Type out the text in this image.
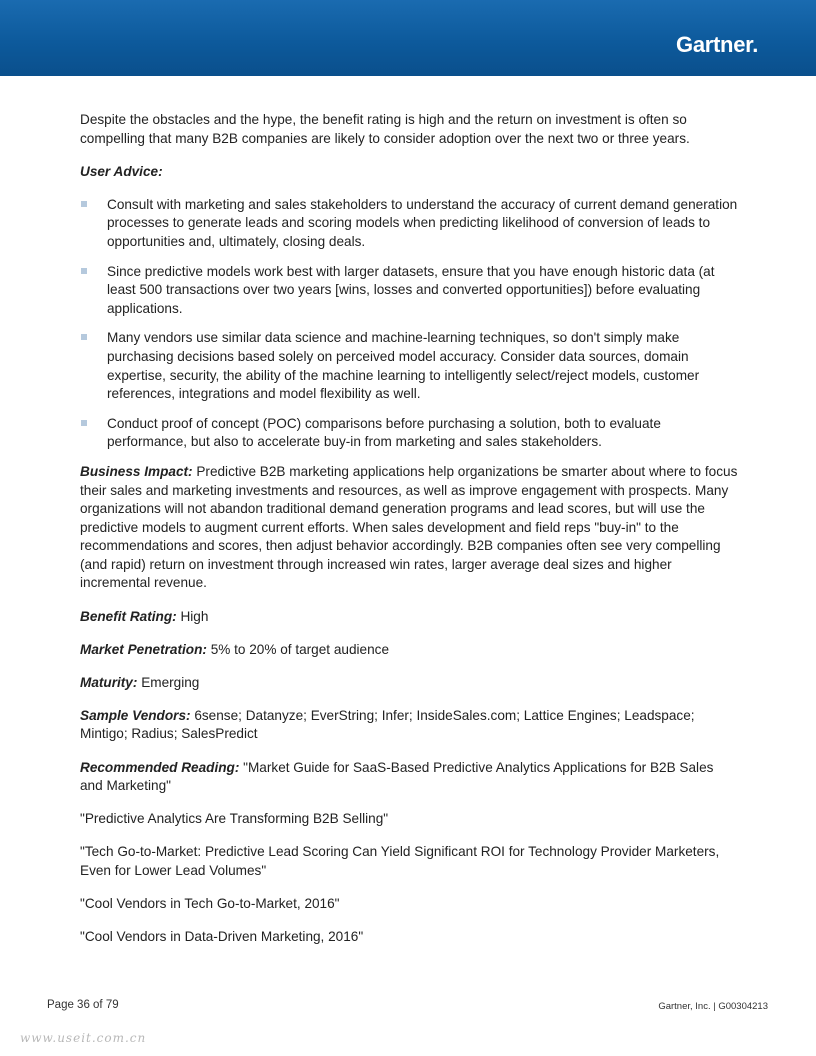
Gartner.

Despite the obstacles and the hype, the benefit rating is high and the return on investment is often so compelling that many B2B companies are likely to consider adoption over the next two or three years.

User Advice:

Consult with marketing and sales stakeholders to understand the accuracy of current demand generation processes to generate leads and scoring models when predicting likelihood of conversion of leads to opportunities and, ultimately, closing deals.
Since predictive models work best with larger datasets, ensure that you have enough historic data (at least 500 transactions over two years [wins, losses and converted opportunities]) before evaluating applications.
Many vendors use similar data science and machine-learning techniques, so don't simply make purchasing decisions based solely on perceived model accuracy. Consider data sources, domain expertise, security, the ability of the machine learning to intelligently select/reject models, customer references, integrations and model flexibility as well.
Conduct proof of concept (POC) comparisons before purchasing a solution, both to evaluate performance, but also to accelerate buy-in from marketing and sales stakeholders.

Business Impact: Predictive B2B marketing applications help organizations be smarter about where to focus their sales and marketing investments and resources, as well as improve engagement with prospects. Many organizations will not abandon traditional demand generation programs and lead scores, but will use the predictive models to augment current efforts. When sales development and field reps "buy-in" to the recommendations and scores, then adjust behavior accordingly. B2B companies often see very compelling (and rapid) return on investment through increased win rates, larger average deal sizes and higher incremental revenue.

Benefit Rating: High

Market Penetration: 5% to 20% of target audience

Maturity: Emerging

Sample Vendors: 6sense; Datanyze; EverString; Infer; InsideSales.com; Lattice Engines; Leadspace; Mintigo; Radius; SalesPredict

Recommended Reading: "Market Guide for SaaS-Based Predictive Analytics Applications for B2B Sales and Marketing"

"Predictive Analytics Are Transforming B2B Selling"

"Tech Go-to-Market: Predictive Lead Scoring Can Yield Significant ROI for Technology Provider Marketers, Even for Lower Lead Volumes"

"Cool Vendors in Tech Go-to-Market, 2016"

"Cool Vendors in Data-Driven Marketing, 2016"

Page 36 of 79	Gartner, Inc. | G00304213
www.useit.com.cn
